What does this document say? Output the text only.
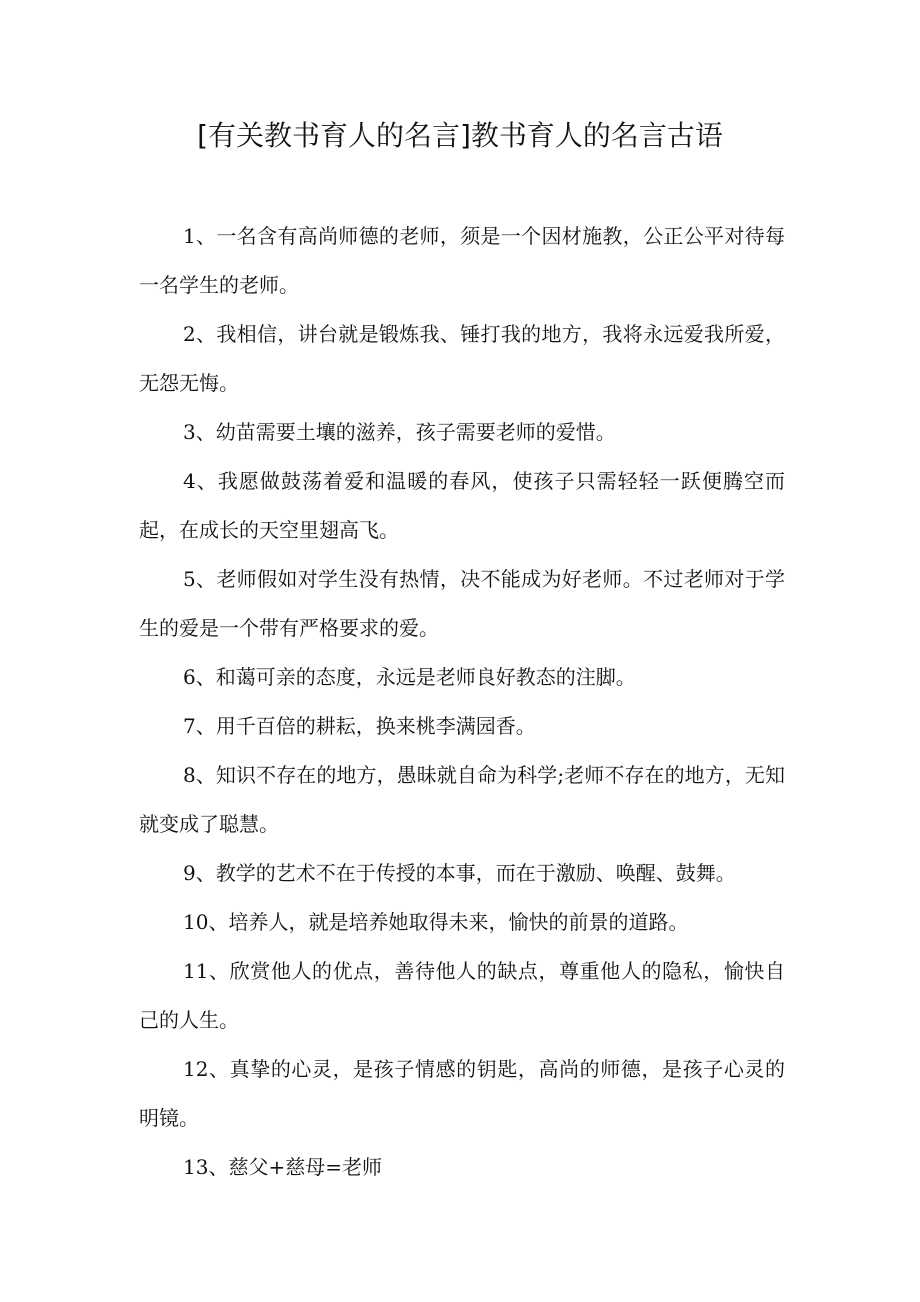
[有关教书育人的名言]教书育人的名言古语

1、一名含有高尚师德的老师，须是一个因材施教，公正公平对待每一名学生的老师。

2、我相信，讲台就是锻炼我、锤打我的地方，我将永远爱我所爱，无怨无悔。

3、幼苗需要土壤的滋养，孩子需要老师的爱惜。

4、我愿做鼓荡着爱和温暖的春风，使孩子只需轻轻一跃便腾空而起，在成长的天空里翅高飞。

5、老师假如对学生没有热情，决不能成为好老师。不过老师对于学生的爱是一个带有严格要求的爱。

6、和蔼可亲的态度，永远是老师良好教态的注脚。

7、用千百倍的耕耘，换来桃李满园香。

8、知识不存在的地方，愚昧就自命为科学;老师不存在的地方，无知就变成了聪慧。

9、教学的艺术不在于传授的本事，而在于激励、唤醒、鼓舞。

10、培养人，就是培养她取得未来，愉快的前景的道路。

11、欣赏他人的优点，善待他人的缺点，尊重他人的隐私，愉快自己的人生。

12、真挚的心灵，是孩子情感的钥匙，高尚的师德，是孩子心灵的明镜。

13、慈父+慈母=老师
